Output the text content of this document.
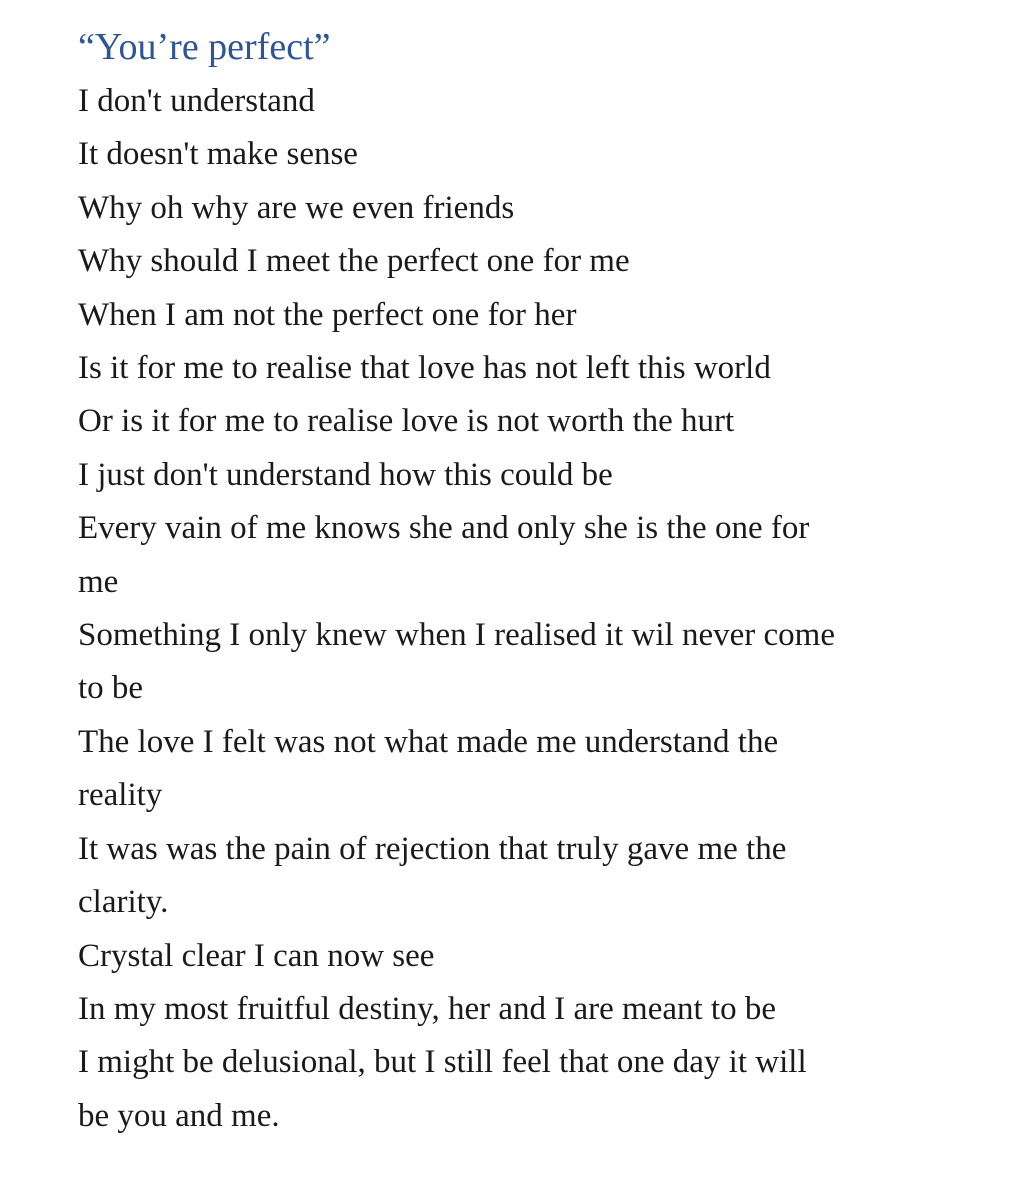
“You’re perfect”
I don't understand
It doesn't make sense
Why oh why are we even friends
Why should I meet the perfect one for me
When I am not the perfect one for her
Is it for me to realise that love has not left this world
Or is it for me to realise love is not worth the hurt
I just don't understand how this could be
Every vain of me knows she and only she is the one for
me
Something I only knew when I realised it wil never come
to be
The love I felt was not what made me understand the
reality
It was was the pain of rejection that truly gave me the
clarity.
Crystal clear I can now see
In my most fruitful destiny, her and I are meant to be
I might be delusional, but I still feel that one day it will
be you and me.
